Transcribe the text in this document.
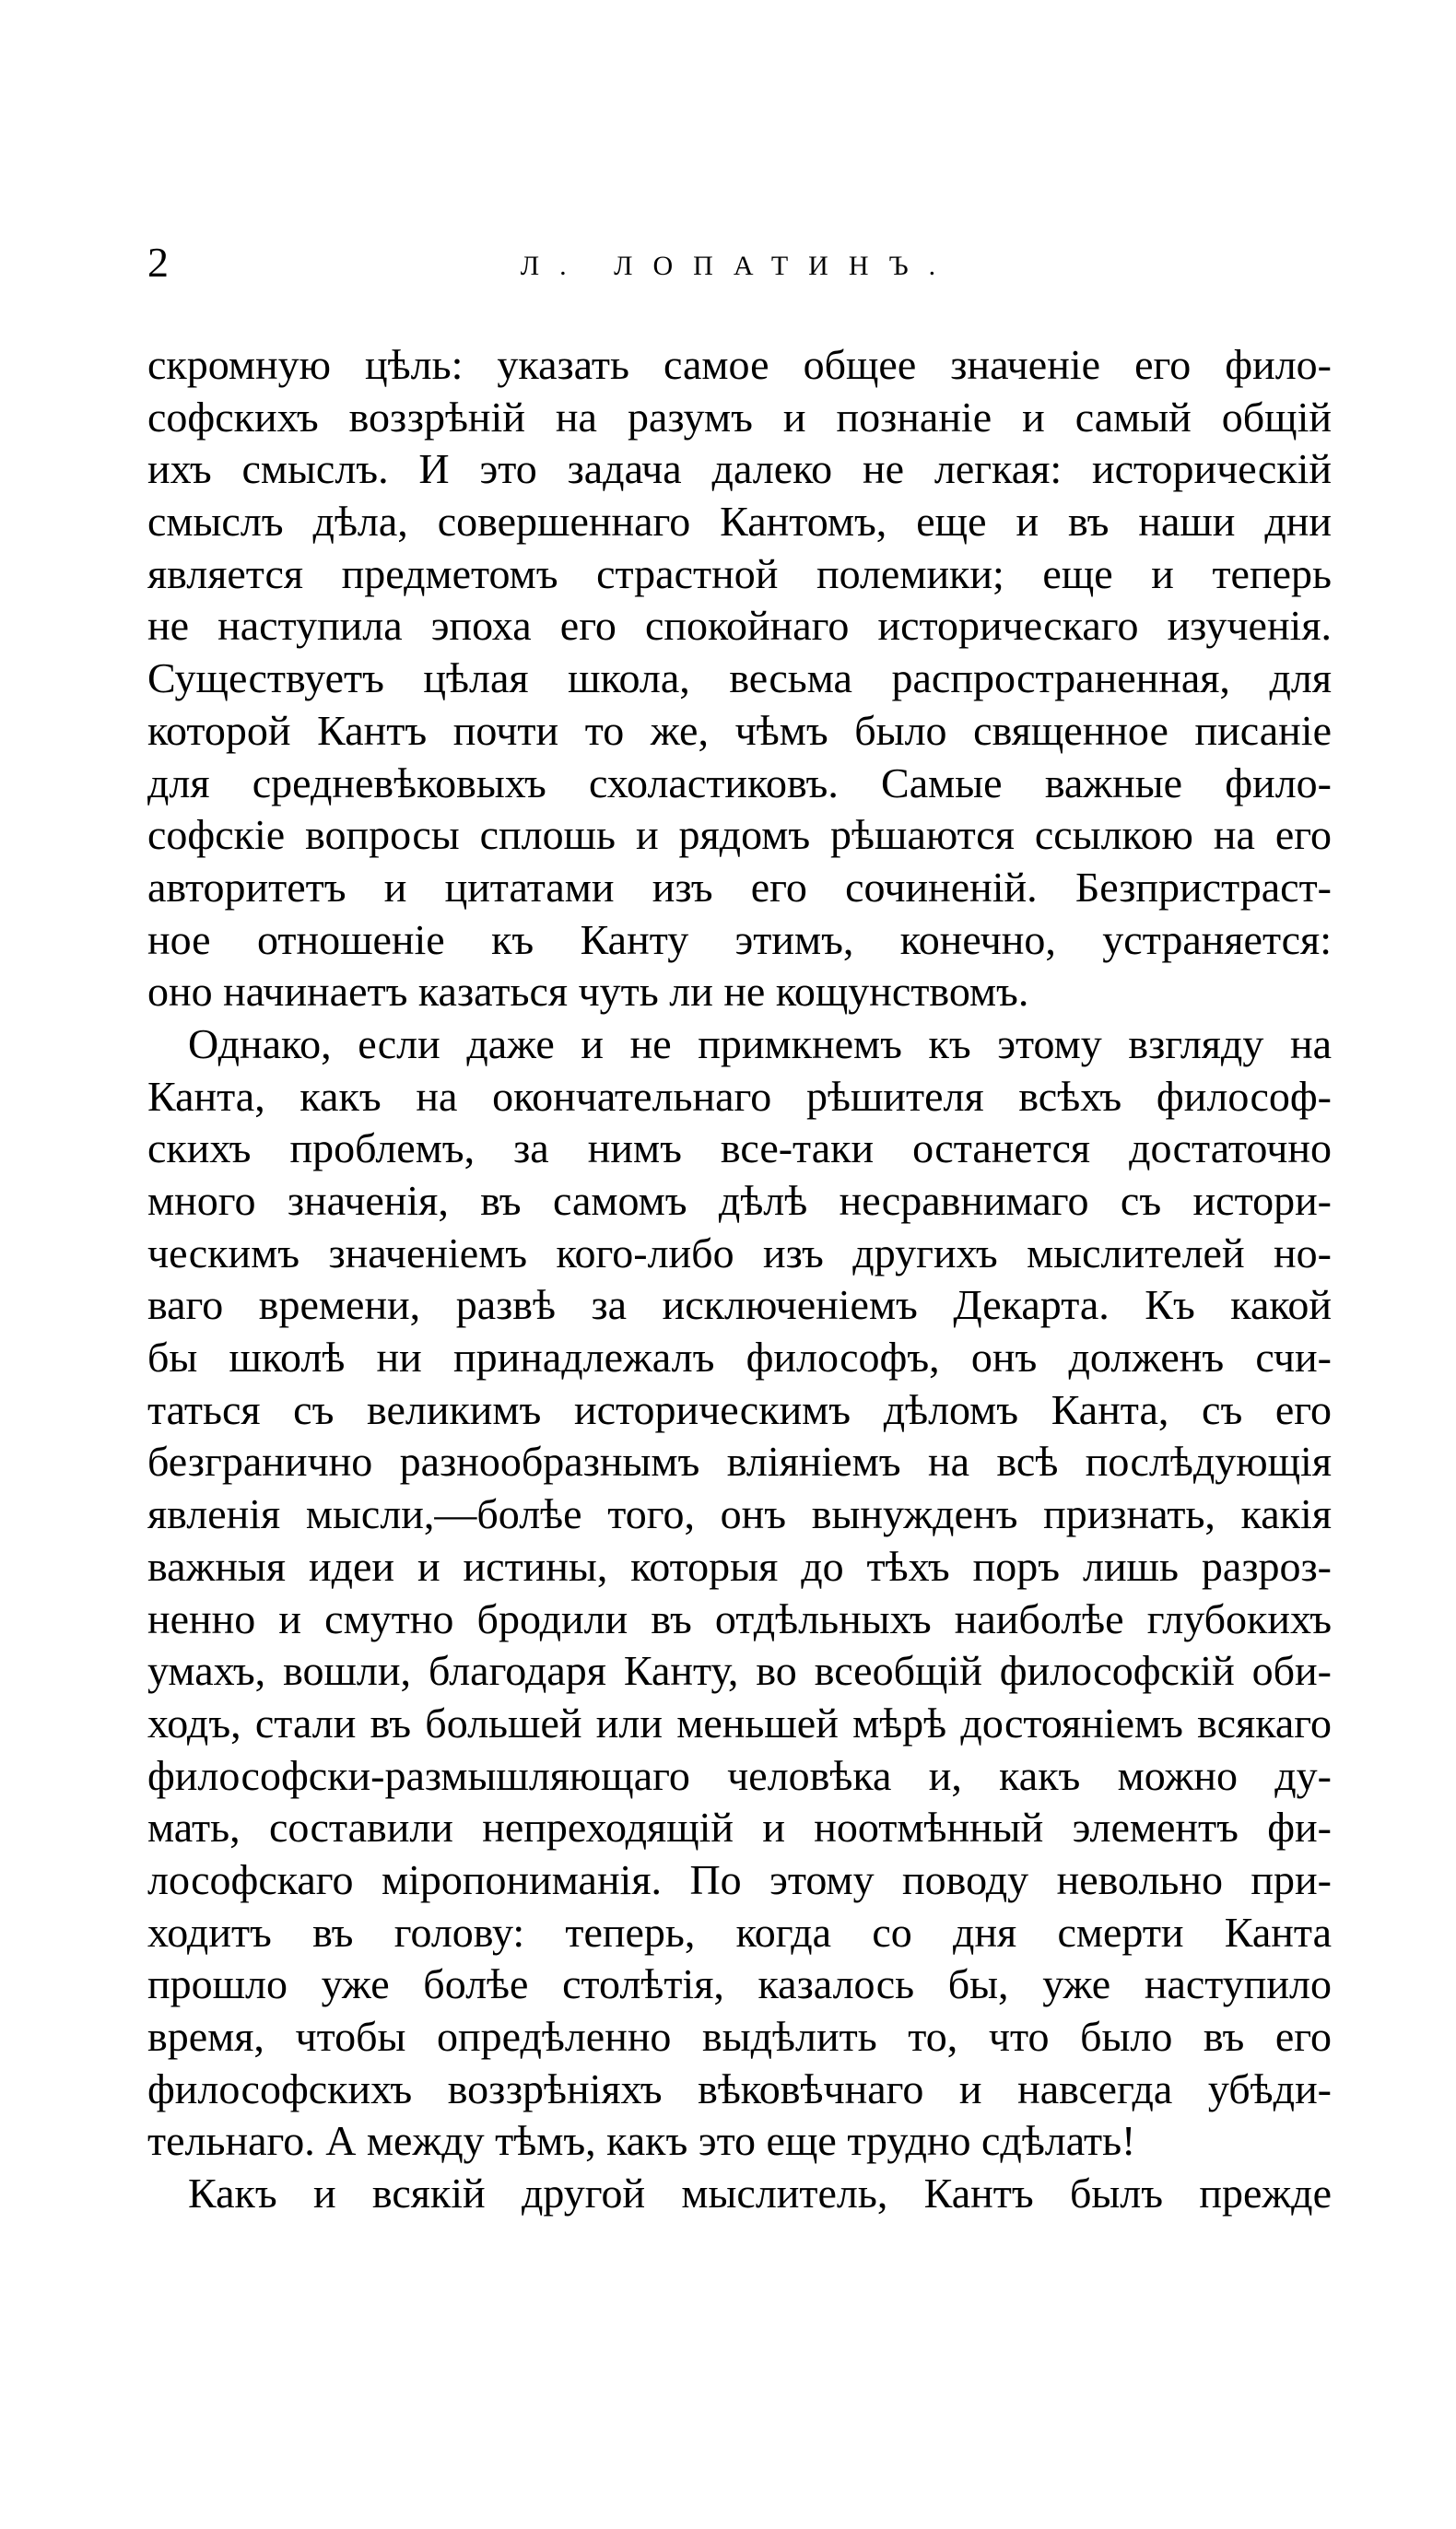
2	Л. ЛОПАТИНЪ.
скромную цѣль: указать самое общее значенiе его фило-
софскихъ воззрѣнiй на разумъ и познанiе и самый общiй
ихъ смыслъ. И это задача далеко не легкая: историческiй
смыслъ дѣла, совершеннаго Кантомъ, еще и въ наши дни
является предметомъ страстной полемики; еще и теперь
не наступила эпоха его спокойнаго историческаго изученiя.
Существуетъ цѣлая школа, весьма распространенная, для
которой Кантъ почти то же, чѣмъ было священное писанiе
для средневѣковыхъ схоластиковъ. Самые важные фило-
софскiе вопросы сплошь и рядомъ рѣшаются ссылкою на его
авторитетъ и цитатами изъ его сочиненiй. Безпристраст-
ное отношенiе къ Канту этимъ, конечно, устраняется:
оно начинаетъ казаться чуть ли не кощунствомъ.
Однако, если даже и не примкнемъ къ этому взгляду на
Канта, какъ на окончательнаго рѣшителя всѣхъ философ-
скихъ проблемъ, за нимъ все-таки останется достаточно
много значенiя, въ самомъ дѣлѣ несравнимаго съ истори-
ческимъ значенiемъ кого-либо изъ другихъ мыслителей но-
ваго времени, развѣ за исключенiемъ Декарта. Къ какой
бы школѣ ни принадлежалъ философъ, онъ долженъ счи-
таться съ великимъ историческимъ дѣломъ Канта, съ его
безгранично разнообразнымъ влiянiемъ на всѣ послѣдующiя
явленiя мысли,—болѣе того, онъ вынужденъ признать, какiя
важныя идеи и истины, которыя до тѣхъ поръ лишь разроз-
ненно и смутно бродили въ отдѣльныхъ наиболѣе глубокихъ
умахъ, вошли, благодаря Канту, во всеобщiй философскiй оби-
ходъ, стали въ большей или меньшей мѣрѣ достоянiемъ всякаго
философски-размышляющаго человѣка и, какъ можно ду-
мать, составили непреходящiй и ноотмѣнный элементъ фи-
лософскаго мiропониманiя. По этому поводу невольно при-
ходитъ въ голову: теперь, когда со дня смерти Канта
прошло уже болѣе столѣтiя, казалось бы, уже наступило
время, чтобы опредѣленно выдѣлить то, что было въ его
философскихъ воззрѣнiяхъ вѣковѣчнаго и навсегда убѣди-
тельнаго. А между тѣмъ, какъ это еще трудно сдѣлать!
Какъ и всякiй другой мыслитель, Кантъ былъ прежде
